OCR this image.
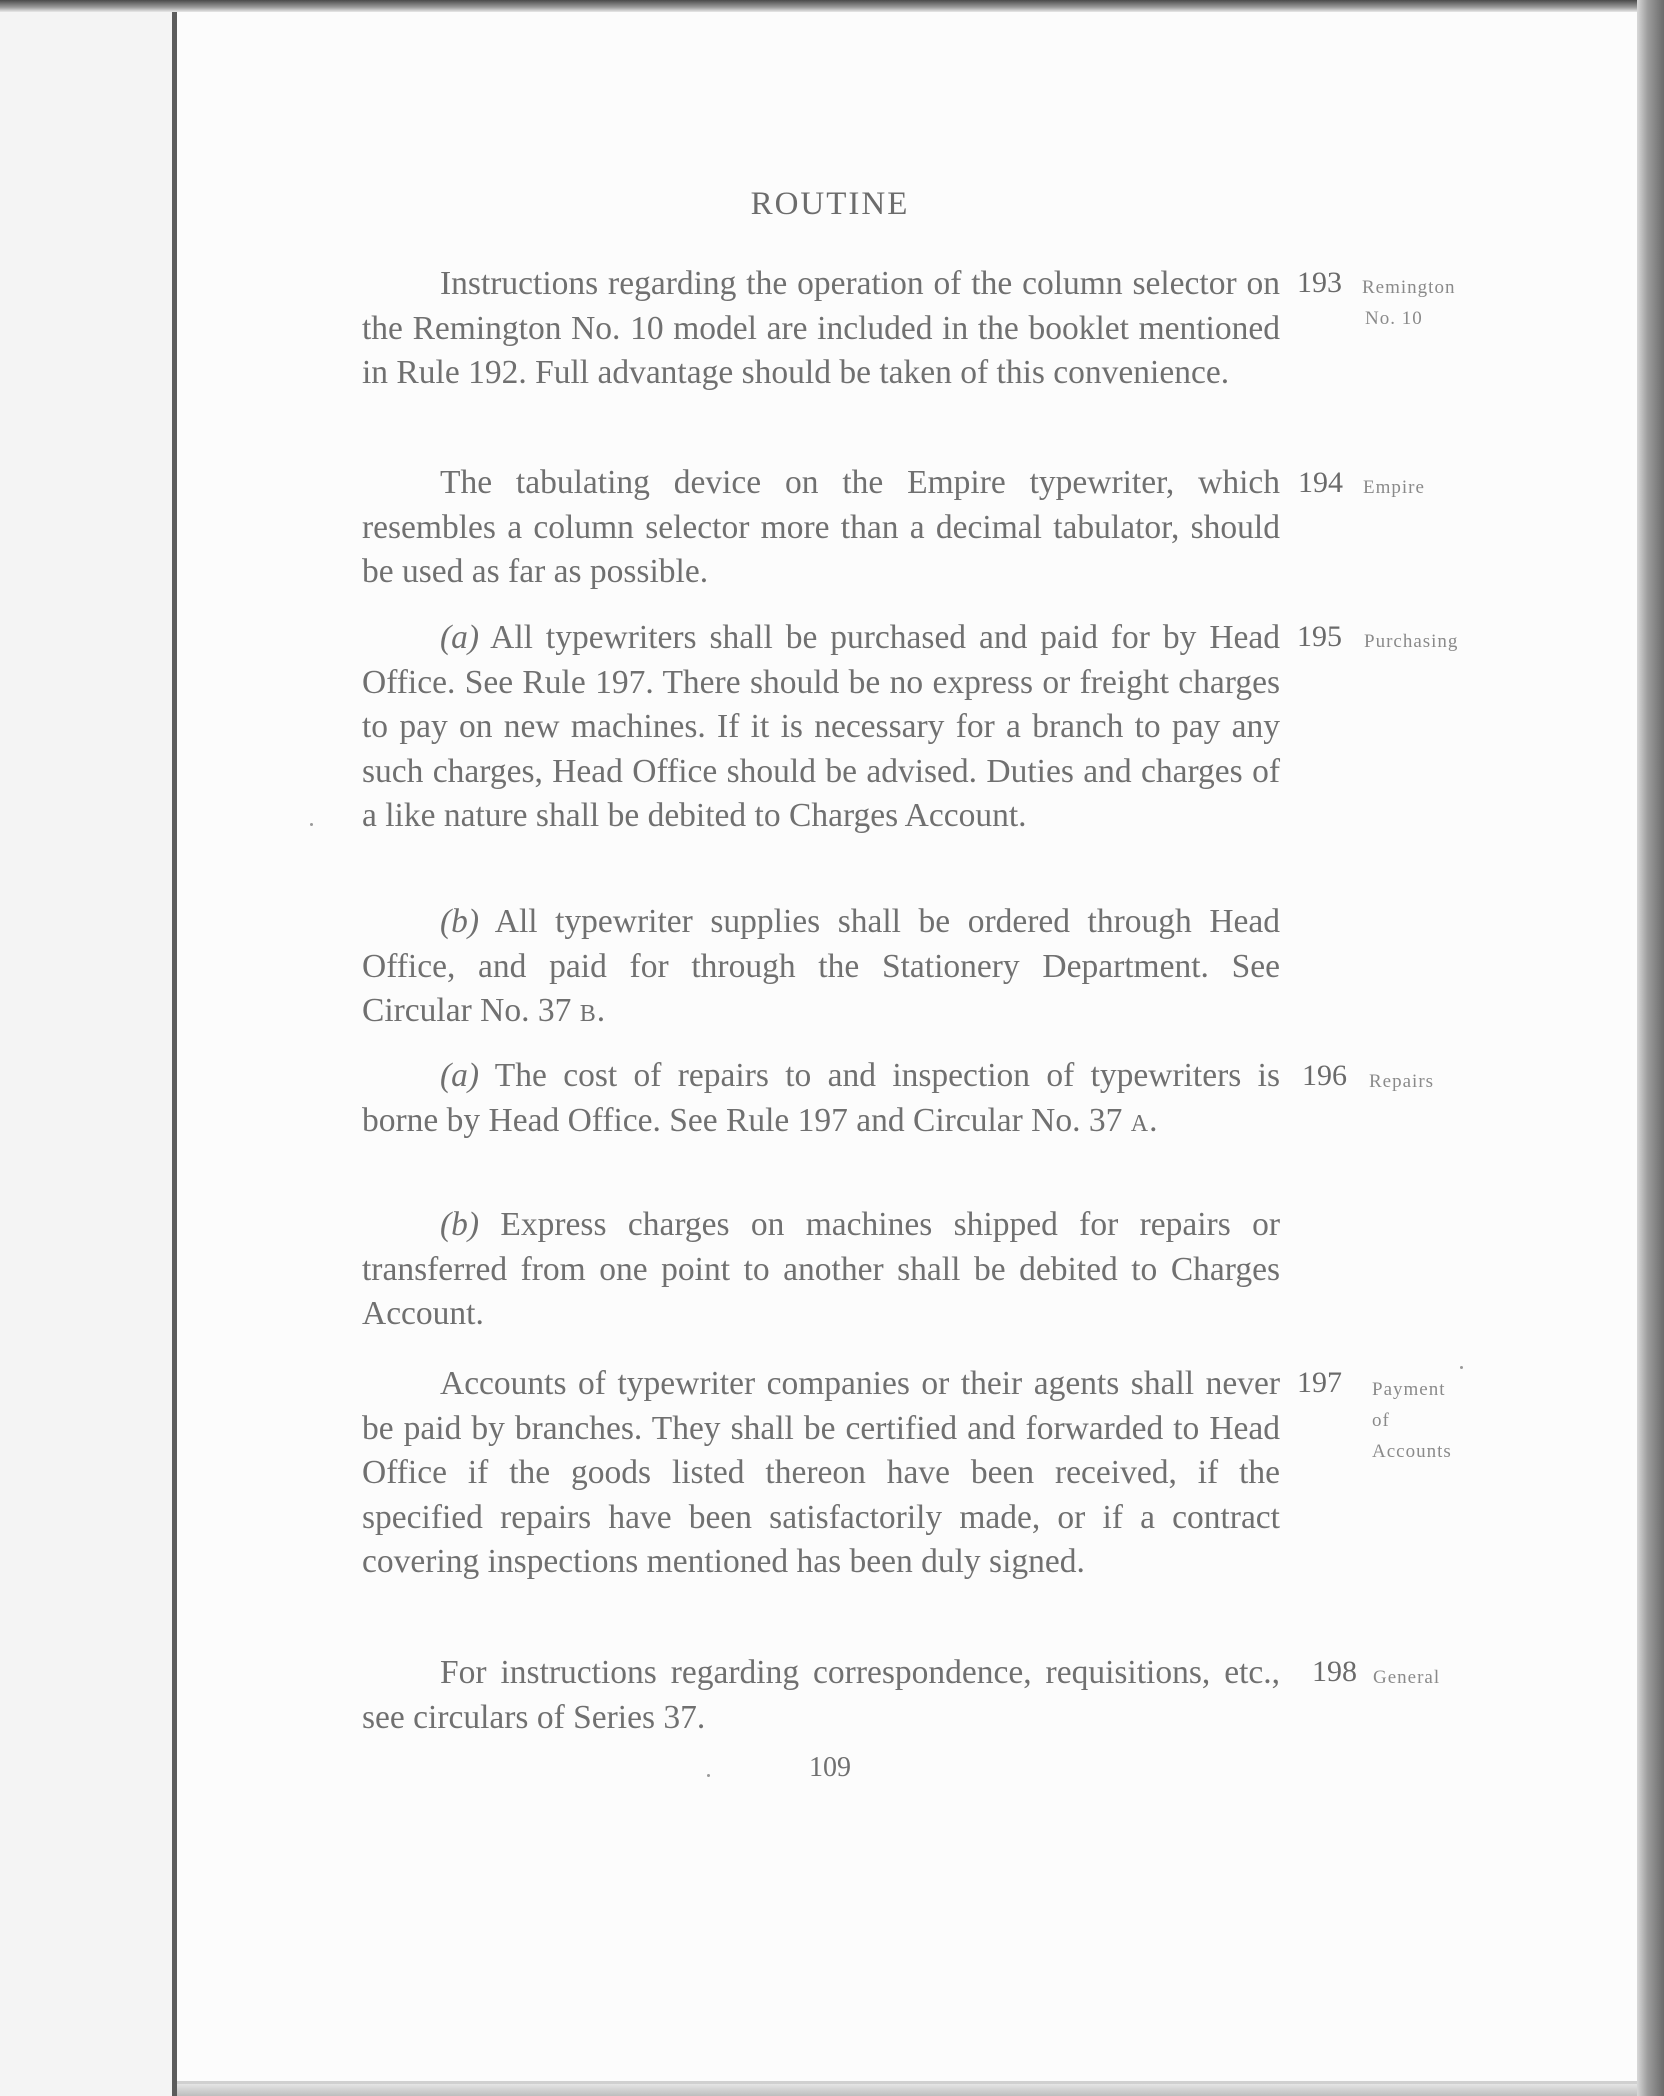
ROUTINE

Instructions regarding the operation of the column selector on the Remington No. 10 model are included in the booklet mentioned in Rule 192. Full advantage should be taken of this convenience.

193 Remington
No. 10

The tabulating device on the Empire typewriter, which resembles a column selector more than a decimal tabulator, should be used as far as possible.

194 Empire

(a) All typewriters shall be purchased and paid for by Head Office. See Rule 197. There should be no express or freight charges to pay on new machines. If it is necessary for a branch to pay any such charges, Head Office should be advised. Duties and charges of a like nature shall be debited to Charges Account.

195 Purchasing

(b) All typewriter supplies shall be ordered through Head Office, and paid for through the Stationery Department. See Circular No. 37 B.

(a) The cost of repairs to and inspection of typewriters is borne by Head Office. See Rule 197 and Circular No. 37 A.

196 Repairs

(b) Express charges on machines shipped for repairs or transferred from one point to another shall be debited to Charges Account.

Accounts of typewriter companies or their agents shall never be paid by branches. They shall be certified and forwarded to Head Office if the goods listed thereon have been received, if the specified repairs have been satisfactorily made, or if a contract covering inspections mentioned has been duly signed.

197 Payment
of
Accounts

For instructions regarding correspondence, requisitions, etc., see circulars of Series 37.

198 General

109
